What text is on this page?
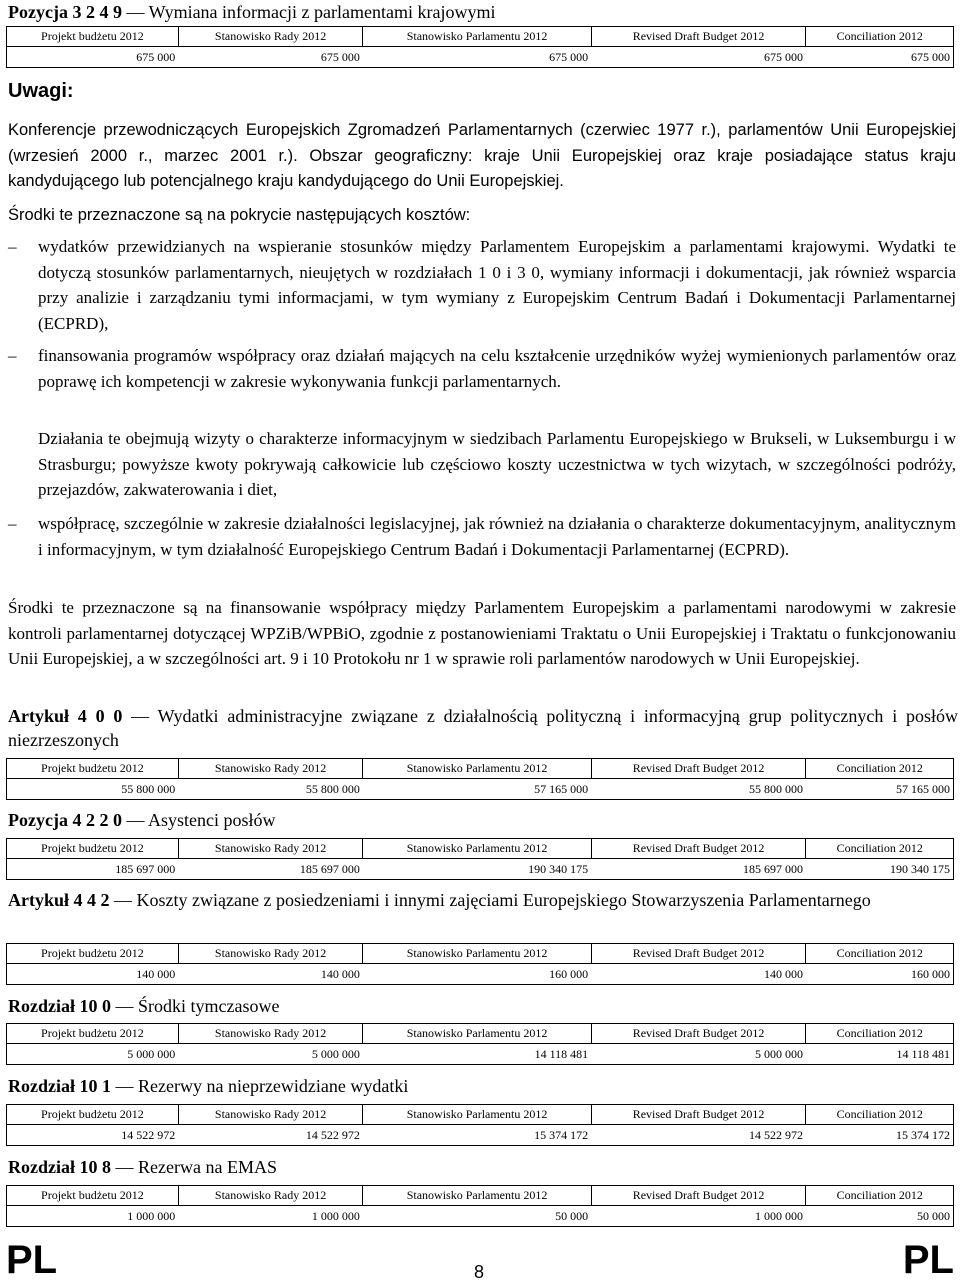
Pozycja 3 2 4 9 — Wymiana informacji z parlamentami krajowymi
Projekt budżetu 2012	Stanowisko Rady 2012	Stanowisko Parlamentu 2012	Revised Draft Budget 2012	Conciliation 2012
675 000	675 000	675 000	675 000	675 000
Uwagi:
Konferencje przewodniczących Europejskich Zgromadzeń Parlamentarnych (czerwiec 1977 r.), parlamentów Unii Europejskiej (wrzesień 2000 r., marzec 2001 r.). Obszar geograficzny: kraje Unii Europejskiej oraz kraje posiadające status kraju kandydującego lub potencjalnego kraju kandydującego do Unii Europejskiej.
Środki te przeznaczone są na pokrycie następujących kosztów:
– wydatków przewidzianych na wspieranie stosunków między Parlamentem Europejskim a parlamentami krajowymi. Wydatki te dotyczą stosunków parlamentarnych, nieujętych w rozdziałach 1 0 i 3 0, wymiany informacji i dokumentacji, jak również wsparcia przy analizie i zarządzaniu tymi informacjami, w tym wymiany z Europejskim Centrum Badań i Dokumentacji Parlamentarnej (ECPRD),
– finansowania programów współpracy oraz działań mających na celu kształcenie urzędników wyżej wymienionych parlamentów oraz poprawę ich kompetencji w zakresie wykonywania funkcji parlamentarnych.
Działania te obejmują wizyty o charakterze informacyjnym w siedzibach Parlamentu Europejskiego w Brukseli, w Luksemburgu i w Strasburgu; powyższe kwoty pokrywają całkowicie lub częściowo koszty uczestnictwa w tych wizytach, w szczególności podróży, przejazdów, zakwaterowania i diet,
– współpracę, szczególnie w zakresie działalności legislacyjnej, jak również na działania o charakterze dokumentacyjnym, analitycznym i informacyjnym, w tym działalność Europejskiego Centrum Badań i Dokumentacji Parlamentarnej (ECPRD).
Środki te przeznaczone są na finansowanie współpracy między Parlamentem Europejskim a parlamentami narodowymi w zakresie kontroli parlamentarnej dotyczącej WPZiB/WPBiO, zgodnie z postanowieniami Traktatu o Unii Europejskiej i Traktatu o funkcjonowaniu Unii Europejskiej, a w szczególności art. 9 i 10 Protokołu nr 1 w sprawie roli parlamentów narodowych w Unii Europejskiej.
Artykuł 4 0 0 — Wydatki administracyjne związane z działalnością polityczną i informacyjną grup politycznych i posłów niezrzeszonych
Projekt budżetu 2012	Stanowisko Rady 2012	Stanowisko Parlamentu 2012	Revised Draft Budget 2012	Conciliation 2012
55 800 000	55 800 000	57 165 000	55 800 000	57 165 000
Pozycja 4 2 2 0 — Asystenci posłów
Projekt budżetu 2012	Stanowisko Rady 2012	Stanowisko Parlamentu 2012	Revised Draft Budget 2012	Conciliation 2012
185 697 000	185 697 000	190 340 175	185 697 000	190 340 175
Artykuł 4 4 2 — Koszty związane z posiedzeniami i innymi zajęciami Europejskiego Stowarzyszenia Parlamentarnego
Projekt budżetu 2012	Stanowisko Rady 2012	Stanowisko Parlamentu 2012	Revised Draft Budget 2012	Conciliation 2012
140 000	140 000	160 000	140 000	160 000
Rozdział 10 0 — Środki tymczasowe
Projekt budżetu 2012	Stanowisko Rady 2012	Stanowisko Parlamentu 2012	Revised Draft Budget 2012	Conciliation 2012
5 000 000	5 000 000	14 118 481	5 000 000	14 118 481
Rozdział 10 1 — Rezerwy na nieprzewidziane wydatki
Projekt budżetu 2012	Stanowisko Rady 2012	Stanowisko Parlamentu 2012	Revised Draft Budget 2012	Conciliation 2012
14 522 972	14 522 972	15 374 172	14 522 972	15 374 172
Rozdział 10 8 — Rezerwa na EMAS
Projekt budżetu 2012	Stanowisko Rady 2012	Stanowisko Parlamentu 2012	Revised Draft Budget 2012	Conciliation 2012
1 000 000	1 000 000	50 000	1 000 000	50 000
PL	8	PL
